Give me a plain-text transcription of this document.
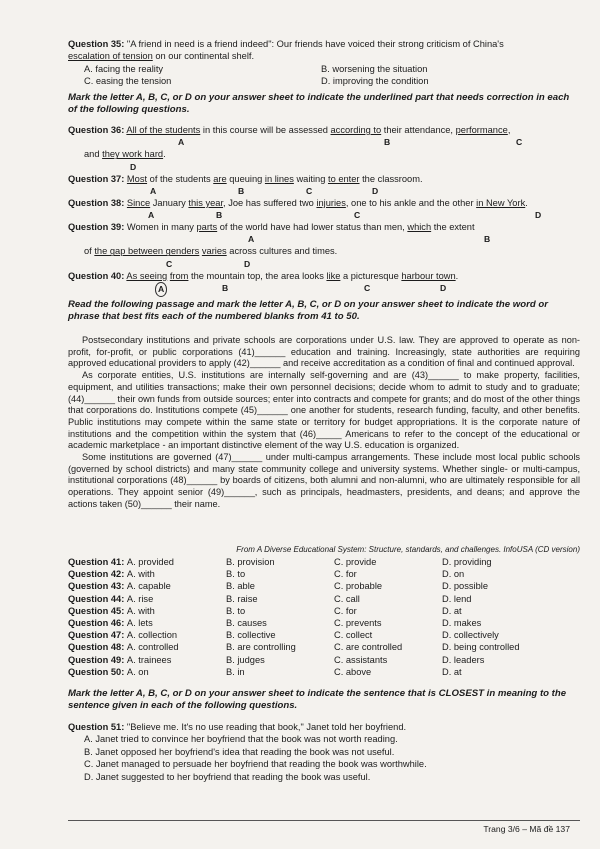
Question 35: "A friend in need is a friend indeed": Our friends have voiced their strong criticism of China's
escalation of tension on our continental shelf.
A. facing the reality	B. worsening the situation
C. easing the tension	D. improving the condition
Mark the letter A, B, C, or D on your answer sheet to indicate the underlined part that needs correction in each of the following questions.
Question 36: All of the students in this course will be assessed according to their attendance, performance,
A	B	C
and they work hard.
D
Question 37: Most of the students are queuing in lines waiting to enter the classroom.
A	B	C	D
Question 38: Since January this year, Joe has suffered two injuries, one to his ankle and the other in New York.
A	B	C	D
Question 39: Women in many parts of the world have had lower status than men, which the extent
A	B
of the gap between genders varies across cultures and times.
C	D
Question 40: As seeing from the mountain top, the area looks like a picturesque harbour town.
A	B	C	D
Read the following passage and mark the letter A, B, C, or D on your answer sheet to indicate the word or phrase that best fits each of the numbered blanks from 41 to 50.

Postsecondary institutions and private schools are corporations under U.S. law. They are approved to operate as non-profit, for-profit, or public corporations (41)______ education and training. Increasingly, state authorities are requiring approved educational providers to apply (42)______ and receive accreditation as a condition of final and continued approval.

As corporate entities, U.S. institutions are internally self-governing and are (43)______ to make property, facilities, equipment, and utilities transactions; make their own personnel decisions; decide whom to admit to study and to graduate; (44)______ their own funds from outside sources; enter into contracts and compete for grants; and do most of the other things that corporations do. Institutions compete (45)______ one another for students, research funding, faculty, and other benefits. Public institutions may compete within the same state or territory for budget appropriations. It is the corporate nature of institutions and the competition within the system that (46)_____ Americans to refer to the concept of the educational or academic marketplace - an important distinctive element of the way U.S. education is organized.

Some institutions are governed (47)______ under multi-campus arrangements. These include most local public schools (governed by school districts) and many state community college and university systems. Whether single- or multi-campus, institutional corporations (48)______ by boards of citizens, both alumni and non-alumni, who are ultimately responsible for all operations. They appoint senior (49)______, such as principals, headmasters, presidents, and deans; and approve the actions taken (50)______ their name.

From A Diverse Educational System: Structure, standards, and challenges. InfoUSA (CD version)
Question 41: A. provided	B. provision	C. provide	D. providing
Question 42: A. with	B. to	C. for	D. on
Question 43: A. capable	B. able	C. probable	D. possible
Question 44: A. rise	B. raise	C. call	D. lend
Question 45: A. with	B. to	C. for	D. at
Question 46: A. lets	B. causes	C. prevents	D. makes
Question 47: A. collection	B. collective	C. collect	D. collectively
Question 48: A. controlled	B. are controlling	C. are controlled	D. being controlled
Question 49: A. trainees	B. judges	C. assistants	D. leaders
Question 50: A. on	B. in	C. above	D. at
Mark the letter A, B, C, or D on your answer sheet to indicate the sentence that is CLOSEST in meaning to the sentence given in each of the following questions.
Question 51: "Believe me. It's no use reading that book," Janet told her boyfriend.
A. Janet tried to convince her boyfriend that the book was not worth reading.
B. Janet opposed her boyfriend's idea that reading the book was not useful.
C. Janet managed to persuade her boyfriend that reading the book was worthwhile.
D. Janet suggested to her boyfriend that reading the book was useful.
Trang 3/6 – Mã đề 137
